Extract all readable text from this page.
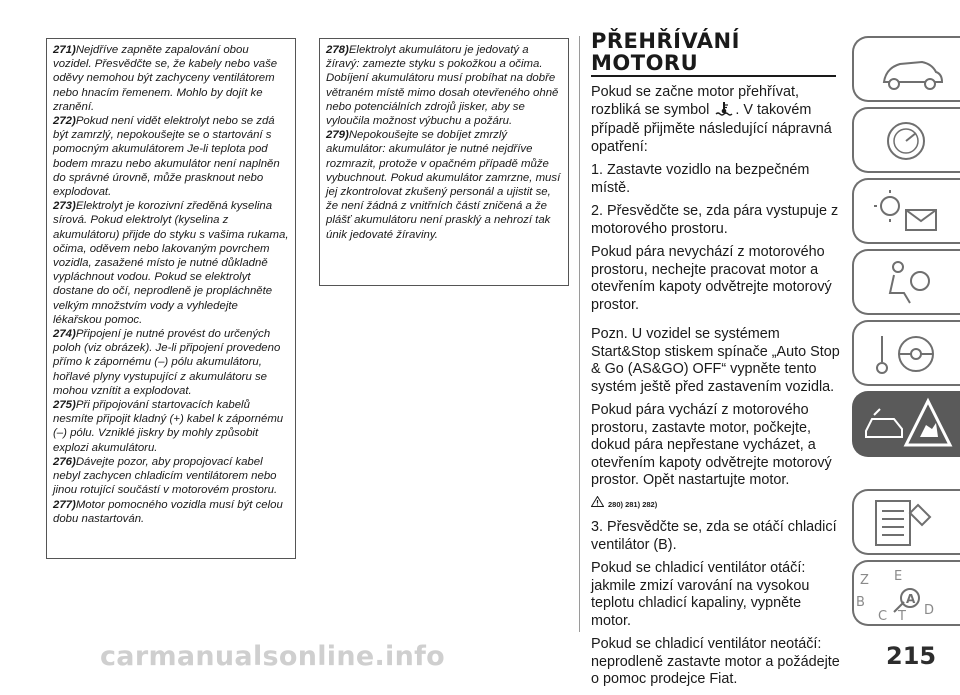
271)Nejdříve zapněte zapalování obou vozidel. Přesvědčte se, že kabely nebo vaše oděvy nemohou být zachyceny ventilátorem nebo hnacím řemenem. Mohlo by dojít ke zranění.

272)Pokud není vidět elektrolyt nebo se zdá být zamrzlý, nepokoušejte se o startování s pomocným akumulátorem Je-li teplota pod bodem mrazu nebo akumulátor není naplněn do správné úrovně, může prasknout nebo explodovat.

273)Elektrolyt je korozivní zředěná kyselina sírová. Pokud elektrolyt (kyselina z akumulátoru) přijde do styku s vašima rukama, očima, oděvem nebo lakovaným povrchem vozidla, zasažené místo je nutné důkladně vypláchnout vodou. Pokud se elektrolyt dostane do očí, neprodleně je propláchněte velkým množstvím vody a vyhledejte lékařskou pomoc.

274)Připojení je nutné provést do určených poloh (viz obrázek). Je-li připojení provedeno přímo k zápornému (–) pólu akumulátoru, hořlavé plyny vystupující z akumulátoru se mohou vznítit a explodovat.

275)Při připojování startovacích kabelů nesmíte připojit kladný (+) kabel k zápornému (–) pólu. Vzniklé jiskry by mohly způsobit explozi akumulátoru.

276)Dávejte pozor, aby propojovací kabel nebyl zachycen chladicím ventilátorem nebo jinou rotující součástí v motorovém prostoru.

277)Motor pomocného vozidla musí být celou dobu nastartován.

278)Elektrolyt akumulátoru je jedovatý a žíravý: zamezte styku s pokožkou a očima. Dobíjení akumulátoru musí probíhat na dobře větraném místě mimo dosah otevřeného ohně nebo potenciálních zdrojů jisker, aby se vyloučila možnost výbuchu a požáru.

279)Nepokoušejte se dobíjet zmrzlý akumulátor: akumulátor je nutné nejdříve rozmrazit, protože v opačném případě může vybuchnout. Pokud akumulátor zamrzne, musí jej zkontrolovat zkušený personál a ujistit se, že není žádná z vnitřních částí zničená a že plášť akumulátoru není prasklý a nehrozí tak únik jedovaté žíraviny.

PŘEHŘÍVÁNÍ MOTORU

Pokud se začne motor přehřívat, rozbliká se symbol . V takovém případě přijměte následující nápravná opatření:

1. Zastavte vozidlo na bezpečném místě.

2. Přesvědčte se, zda pára vystupuje z motorového prostoru.

Pokud pára nevychází z motorového prostoru, nechejte pracovat motor a otevřením kapoty odvětrejte motorový prostor.

Pozn. U vozidel se systémem Start&Stop stiskem spínače „Auto Stop & Go (AS&GO) OFF“ vypněte tento systém ještě před zastavením vozidla.

Pokud pára vychází z motorového prostoru, zastavte motor, počkejte, dokud pára nepřestane vycházet, a otevřením kapoty odvětrejte motorový prostor. Opět nastartujte motor.

280) 281) 282)

3. Přesvědčte se, zda se otáčí chladicí ventilátor (B).

Pokud se chladicí ventilátor otáčí: jakmile zmizí varování na vysokou teplotu chladicí kapaliny, vypněte motor.

Pokud se chladicí ventilátor neotáčí: neprodleně zastavte motor a požádejte o pomoc prodejce Fiat.

Z E
B
C T D
A
carmanualsonline.info	215
